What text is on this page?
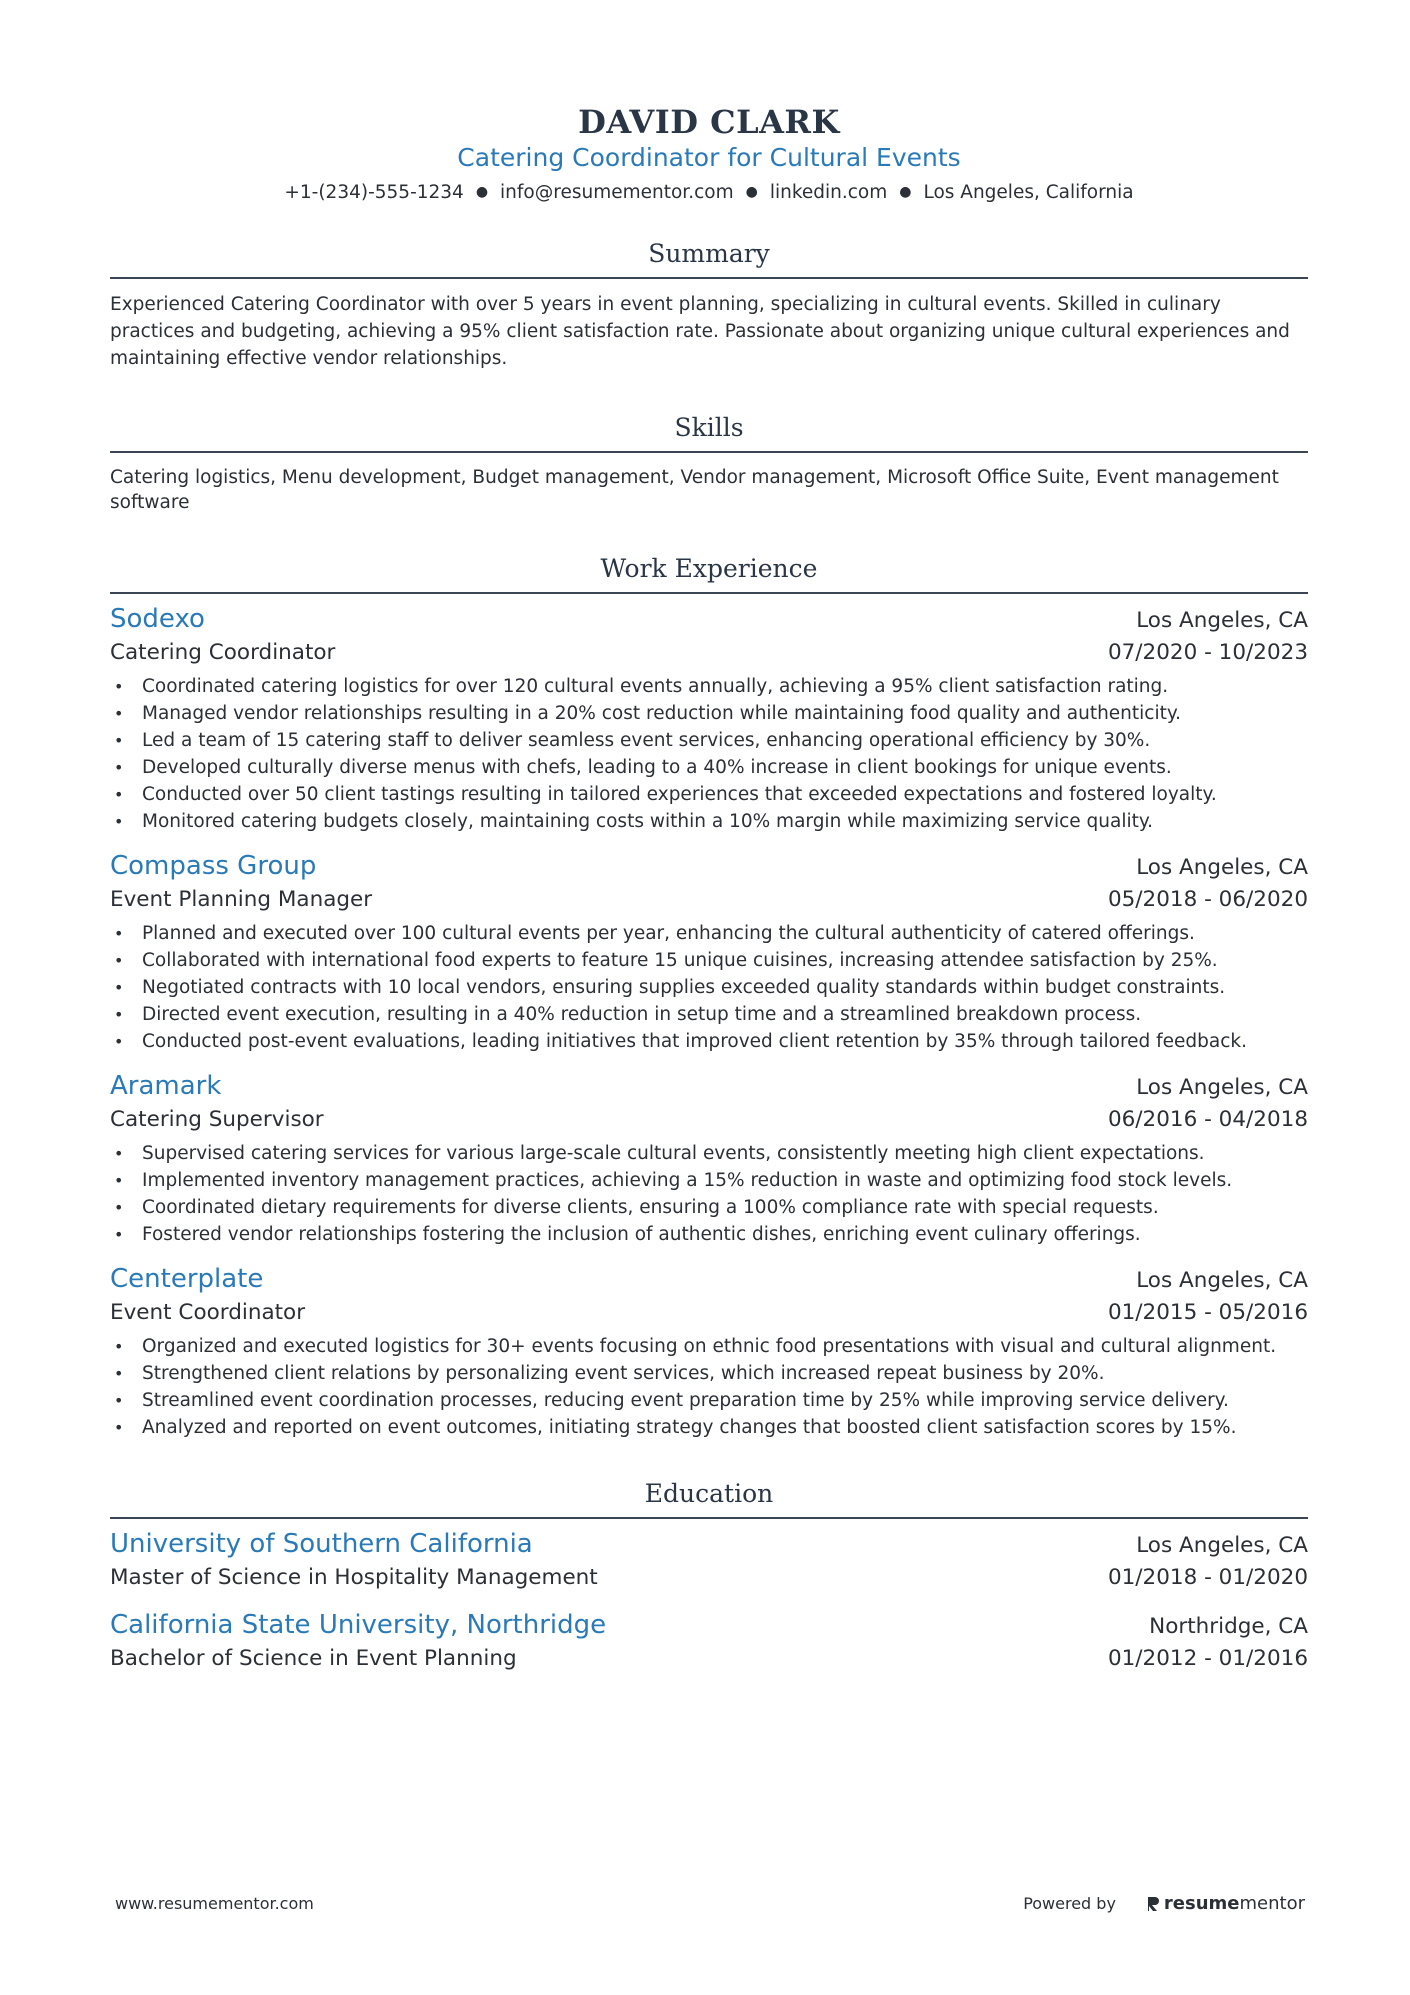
DAVID CLARK
Catering Coordinator for Cultural Events
+1-(234)-555-1234 ● info@resumementor.com ● linkedin.com ● Los Angeles, California
Summary
Experienced Catering Coordinator with over 5 years in event planning, specializing in cultural events. Skilled in culinary practices and budgeting, achieving a 95% client satisfaction rate. Passionate about organizing unique cultural experiences and maintaining effective vendor relationships.
Skills
Catering logistics, Menu development, Budget management, Vendor management, Microsoft Office Suite, Event management software
Work Experience
Sodexo	Los Angeles, CA
Catering Coordinator	07/2020 - 10/2023
• Coordinated catering logistics for over 120 cultural events annually, achieving a 95% client satisfaction rating.
• Managed vendor relationships resulting in a 20% cost reduction while maintaining food quality and authenticity.
• Led a team of 15 catering staff to deliver seamless event services, enhancing operational efficiency by 30%.
• Developed culturally diverse menus with chefs, leading to a 40% increase in client bookings for unique events.
• Conducted over 50 client tastings resulting in tailored experiences that exceeded expectations and fostered loyalty.
• Monitored catering budgets closely, maintaining costs within a 10% margin while maximizing service quality.
Compass Group	Los Angeles, CA
Event Planning Manager	05/2018 - 06/2020
• Planned and executed over 100 cultural events per year, enhancing the cultural authenticity of catered offerings.
• Collaborated with international food experts to feature 15 unique cuisines, increasing attendee satisfaction by 25%.
• Negotiated contracts with 10 local vendors, ensuring supplies exceeded quality standards within budget constraints.
• Directed event execution, resulting in a 40% reduction in setup time and a streamlined breakdown process.
• Conducted post-event evaluations, leading initiatives that improved client retention by 35% through tailored feedback.
Aramark	Los Angeles, CA
Catering Supervisor	06/2016 - 04/2018
• Supervised catering services for various large-scale cultural events, consistently meeting high client expectations.
• Implemented inventory management practices, achieving a 15% reduction in waste and optimizing food stock levels.
• Coordinated dietary requirements for diverse clients, ensuring a 100% compliance rate with special requests.
• Fostered vendor relationships fostering the inclusion of authentic dishes, enriching event culinary offerings.
Centerplate	Los Angeles, CA
Event Coordinator	01/2015 - 05/2016
• Organized and executed logistics for 30+ events focusing on ethnic food presentations with visual and cultural alignment.
• Strengthened client relations by personalizing event services, which increased repeat business by 20%.
• Streamlined event coordination processes, reducing event preparation time by 25% while improving service delivery.
• Analyzed and reported on event outcomes, initiating strategy changes that boosted client satisfaction scores by 15%.
Education
University of Southern California	Los Angeles, CA
Master of Science in Hospitality Management	01/2018 - 01/2020
California State University, Northridge	Northridge, CA
Bachelor of Science in Event Planning	01/2012 - 01/2016
www.resumementor.com	Powered by	resume mentor
